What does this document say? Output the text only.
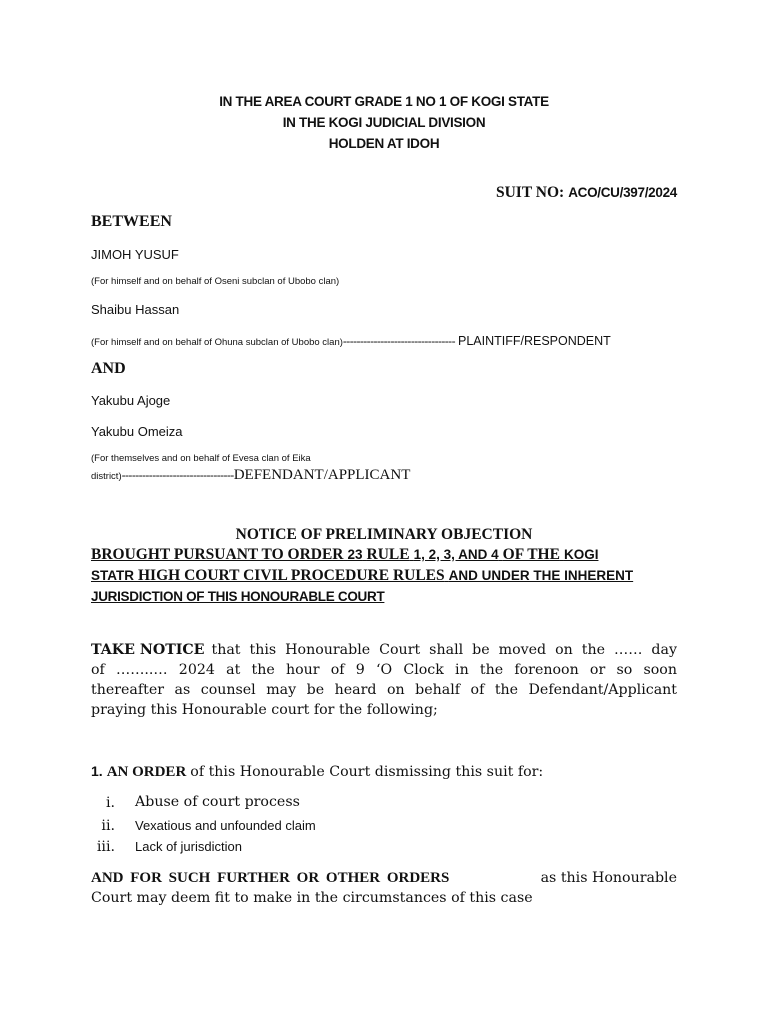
IN THE AREA COURT GRADE 1 NO 1 OF KOGI STATE
IN THE KOGI JUDICIAL DIVISION
HOLDEN AT IDOH
SUIT NO: ACO/CU/397/2024
BETWEEN
JIMOH YUSUF
(For himself and on behalf of Oseni subclan of Ubobo clan)
Shaibu Hassan
(For himself and on behalf of Ohuna subclan of Ubobo clan)--------------------------------- PLAINTIFF/RESPONDENT
AND
Yakubu Ajoge
Yakubu Omeiza
(For themselves and on behalf of Evesa clan of Eika
district)---------------------------------DEFENDANT/APPLICANT
NOTICE OF PRELIMINARY OBJECTION
BROUGHT PURSUANT TO ORDER 23 RULE 1, 2, 3, AND 4 OF THE KOGI
STATR HIGH COURT CIVIL PROCEDURE RULES AND UNDER THE INHERENT
JURISDICTION OF THIS HONOURABLE COURT
TAKE NOTICE that this Honourable Court shall be moved on the …… day
of ……..… 2024 at the hour of 9 ‘O Clock in the forenoon or so soon
thereafter as counsel may be heard on behalf of the Defendant/Applicant
praying this Honourable court for the following;
1. AN ORDER of this Honourable Court dismissing this suit for:
i. Abuse of court process
ii. Vexatious and unfounded claim
iii. Lack of jurisdiction
AND FOR SUCH FURTHER OR OTHER ORDERS	as this Honourable
Court may deem fit to make in the circumstances of this case
